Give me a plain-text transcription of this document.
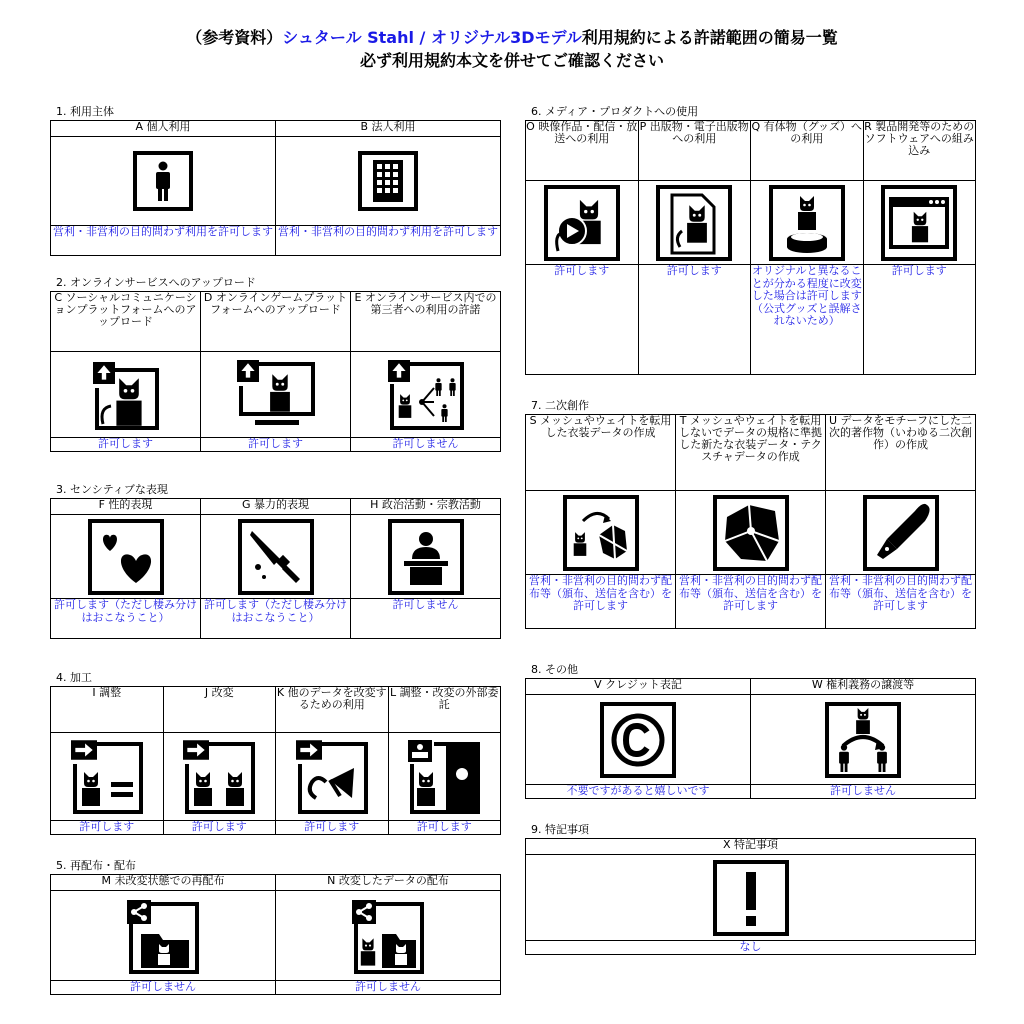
（参考資料）シュタール Stahl / オリジナル3Dモデル利用規約による許諾範囲の簡易一覧
必ず利用規約本文を併せてご確認ください
1. 利用主体
A 個人利用	B 法人利用

営利・非営利の目的問わず利用を許可します	営利・非営利の目的問わず利用を許可します
2. オンラインサービスへのアップロード
C ソーシャルコミュニケーションプラットフォームへのアップロード	D オンラインゲームプラットフォームへのアップロード	E オンラインサービス内での第三者への利用の許諾

許可します	許可します	許可しません
3. センシティブな表現
F 性的表現	G 暴力的表現	H 政治活動・宗教活動

許可します（ただし棲み分けはおこなうこと）	許可します（ただし棲み分けはおこなうこと）	許可しません
4. 加工
I 調整	J 改変	K 他のデータを改変するための利用	L 調整・改変の外部委託

許可します	許可します	許可します	許可します
5. 再配布・配布
M 未改変状態での再配布	N 改変したデータの配布

許可しません	許可しません
6. メディア・プロダクトへの使用
O 映像作品・配信・放送への利用	P 出版物・電子出版物への利用	Q 有体物（グッズ）への利用	R 製品開発等のためのソフトウェアへの組み込み

許可します	許可します	オリジナルと異なることが分かる程度に改変した場合は許可します（公式グッズと誤解されないため）	許可します
7. 二次創作
S メッシュやウェイトを転用した衣装データの作成	T メッシュやウェイトを転用しないでデータの規格に準拠した新たな衣装データ・テクスチャデータの作成	U データをモチーフにした二次的著作物（いわゆる二次創作）の作成

営利・非営利の目的問わず配布等（頒布、送信を含む）を許可します	営利・非営利の目的問わず配布等（頒布、送信を含む）を許可します	営利・非営利の目的問わず配布等（頒布、送信を含む）を許可します
8. その他
V クレジット表記	W 権利義務の譲渡等

不要ですがあると嬉しいです	許可しません
9. 特記事項
X 特記事項

なし
